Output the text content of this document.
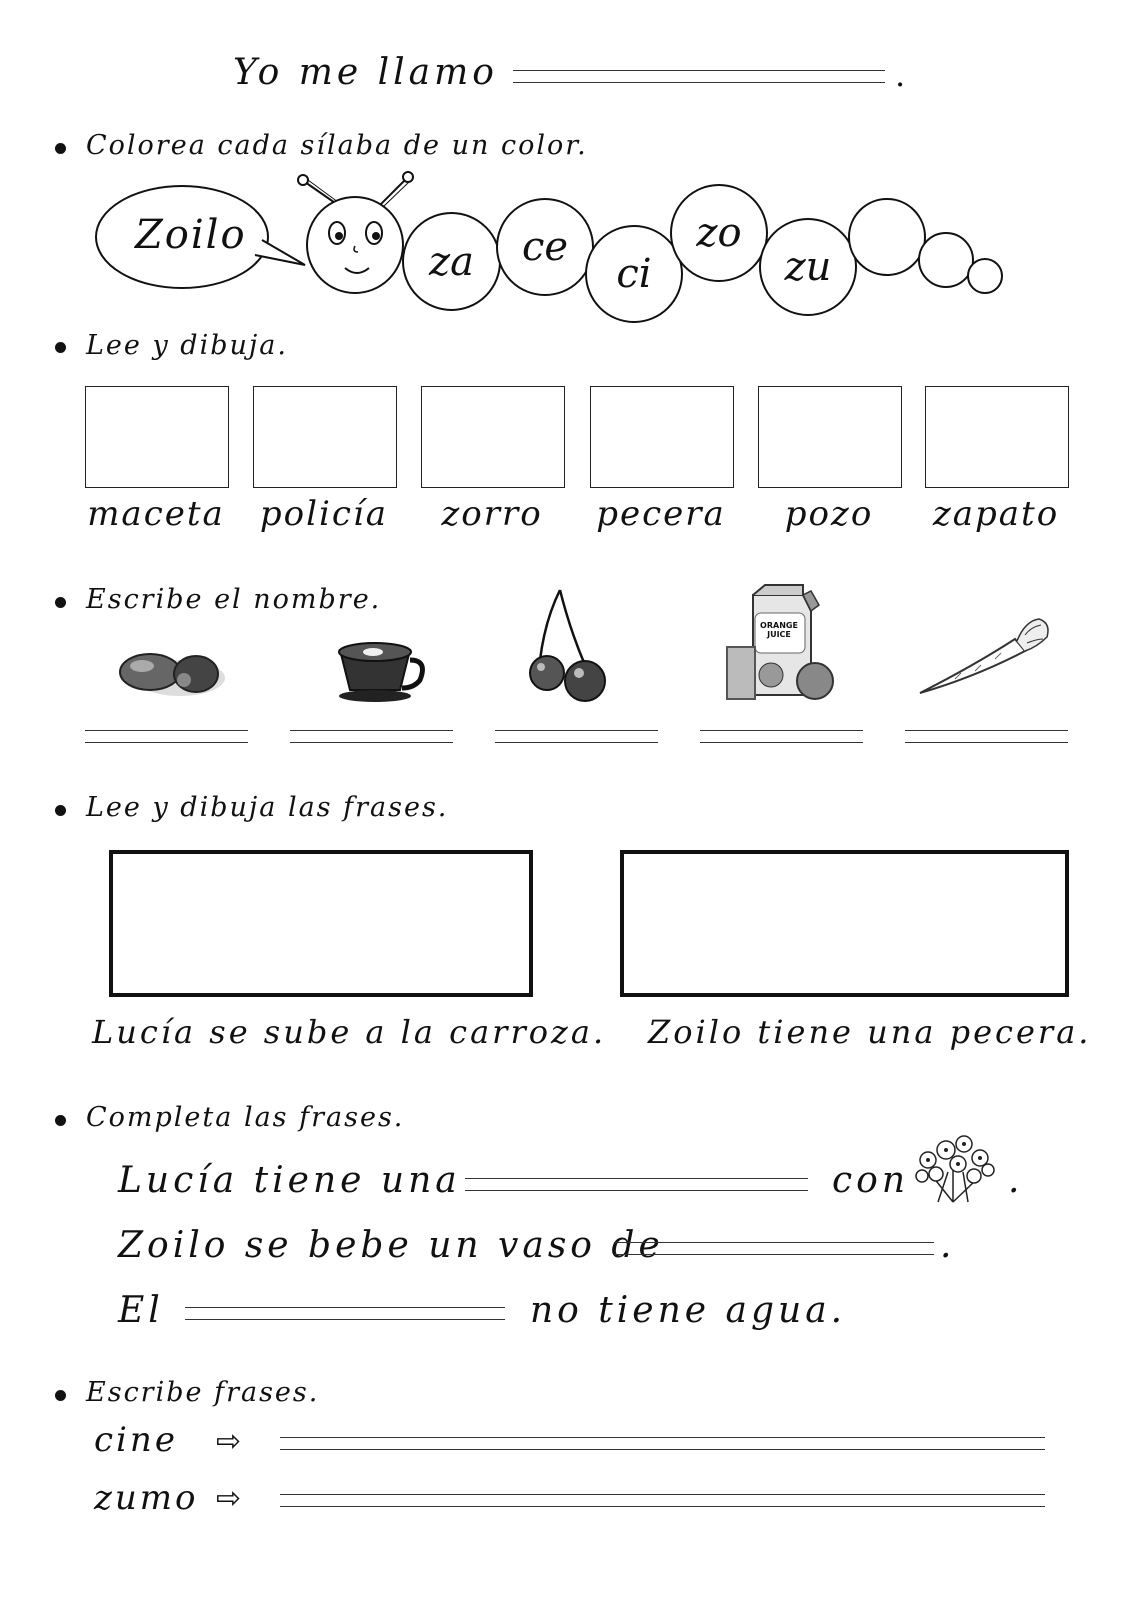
Yo me llamo	.
Colorea cada sílaba de un color.
Zoilo
za ce
ci
zo
zu
Lee y dibuja.
maceta	policía	zorro	pecera	pozo	zapato
Escribe el nombre.
ORANGE JUICE
Lee y dibuja las frases.
Lucía se sube a la carroza. Zoilo tiene una pecera.
Completa las frases.
Lucía tiene una	con	.
Zoilo se bebe un vaso de	.
El	no tiene agua.
Escribe frases.
cine ⇨
zumo ⇨
